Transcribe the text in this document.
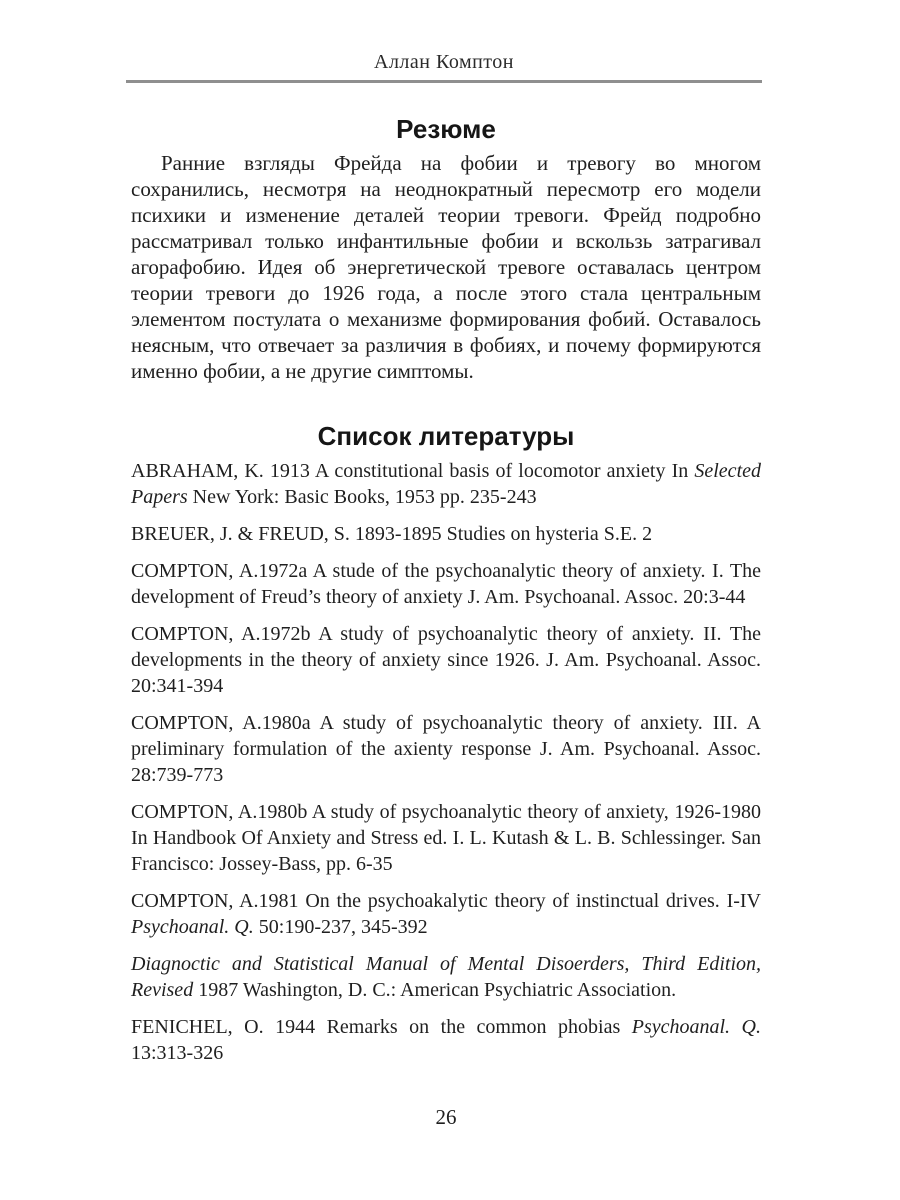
Аллан Комптон
Резюме

Ранние взгляды Фрейда на фобии и тревогу во многом сохранились, несмотря на неоднократный пересмотр его модели психики и изменение деталей теории тревоги. Фрейд подробно рассматривал только инфантильные фобии и вскользь затрагивал агорафобию. Идея об энергетической тревоге оставалась центром теории тревоги до 1926 года, а после этого стала центральным элементом постулата о механизме формирования фобий. Оставалось неясным, что отвечает за различия в фобиях, и почему формируются именно фобии, а не другие симптомы.

Список литературы

ABRAHAM, K. 1913 A constitutional basis of locomotor anxiety In Selected Papers New York: Basic Books, 1953 pp. 235-243

BREUER, J. & FREUD, S. 1893-1895 Studies on hysteria S.E. 2

COMPTON, A.1972a A stude of the psychoanalytic theory of anxiety. I. The development of Freud’s theory of anxiety J. Am. Psychoanal. Assoc. 20:3-44

COMPTON, A.1972b A study of psychoanalytic theory of anxiety. II. The developments in the theory of anxiety since 1926. J. Am. Psychoanal. Assoc. 20:341-394

COMPTON, A.1980a A study of psychoanalytic theory of anxiety. III. A preliminary formulation of the axienty response J. Am. Psychoanal. Assoc. 28:739-773

COMPTON, A.1980b A study of psychoanalytic theory of anxiety, 1926-1980 In Handbook Of Anxiety and Stress ed. I. L. Kutash & L. B. Schlessinger. San Francisco: Jossey-Bass, pp. 6-35

COMPTON, A.1981 On the psychoakalytic theory of instinctual drives. I-IV Psychoanal. Q. 50:190-237, 345-392

Diagnoctic and Statistical Manual of Mental Disoerders, Third Edition, Revised 1987 Washington, D. C.: American Psychiatric Association.

FENICHEL, O. 1944 Remarks on the common phobias Psychoanal. Q. 13:313-326

26
